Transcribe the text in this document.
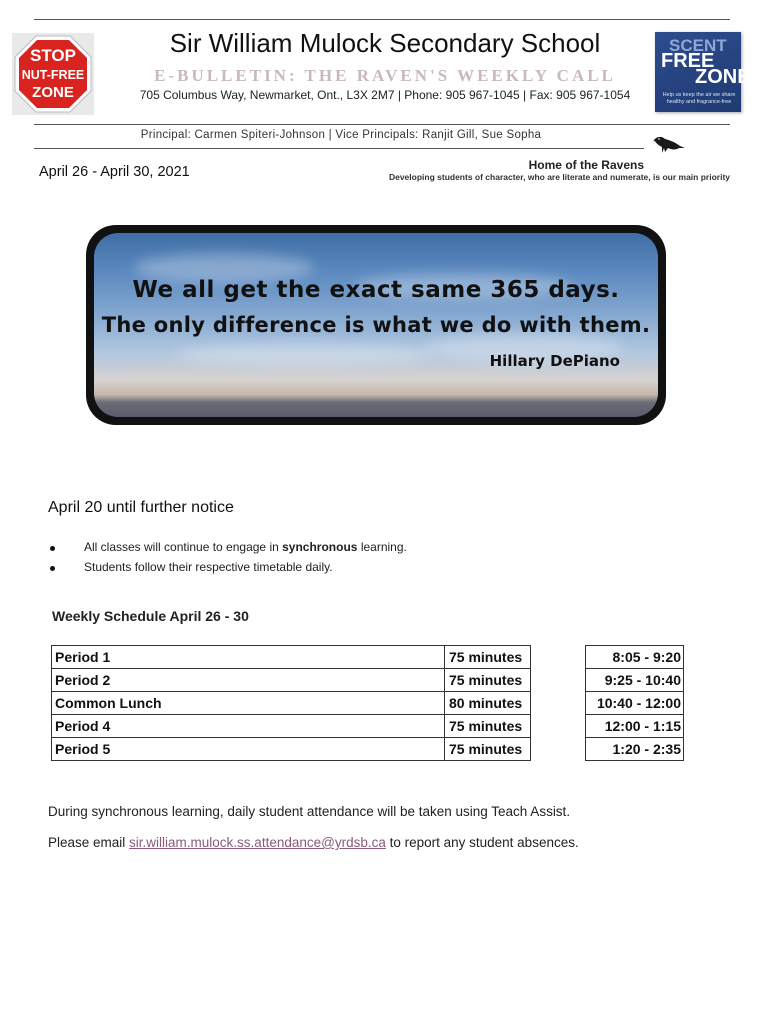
STOP
NUT-FREE
ZONE
SCENT
FREE
ZONE
Help us keep the air we share healthy and fragrance-free
Sir William Mulock Secondary School
E-BULLETIN: THE RAVEN'S WEEKLY CALL
705 Columbus Way, Newmarket, Ont., L3X 2M7 | Phone: 905 967-1045 | Fax: 905 967-1054
Principal: Carmen Spiteri-Johnson | Vice Principals: Ranjit Gill, Sue Sopha
April 26 - April 30, 2021	Home of the Ravens
Developing students of character, who are literate and numerate, is our main priority
We all get the exact same 365 days.
The only difference is what we do with them.
Hillary DePiano
April 20 until further notice
All classes will continue to engage in synchronous learning.
Students follow their respective timetable daily.
Weekly Schedule April 26 - 30
Period 1	75 minutes		8:05 - 9:20
Period 2	75 minutes		9:25 - 10:40
Common Lunch	80 minutes		10:40 - 12:00
Period 4	75 minutes		12:00 - 1:15
Period 5	75 minutes		1:20 - 2:35
During synchronous learning, daily student attendance will be taken using Teach Assist.
Please email sir.william.mulock.ss.attendance@yrdsb.ca to report any student absences.
